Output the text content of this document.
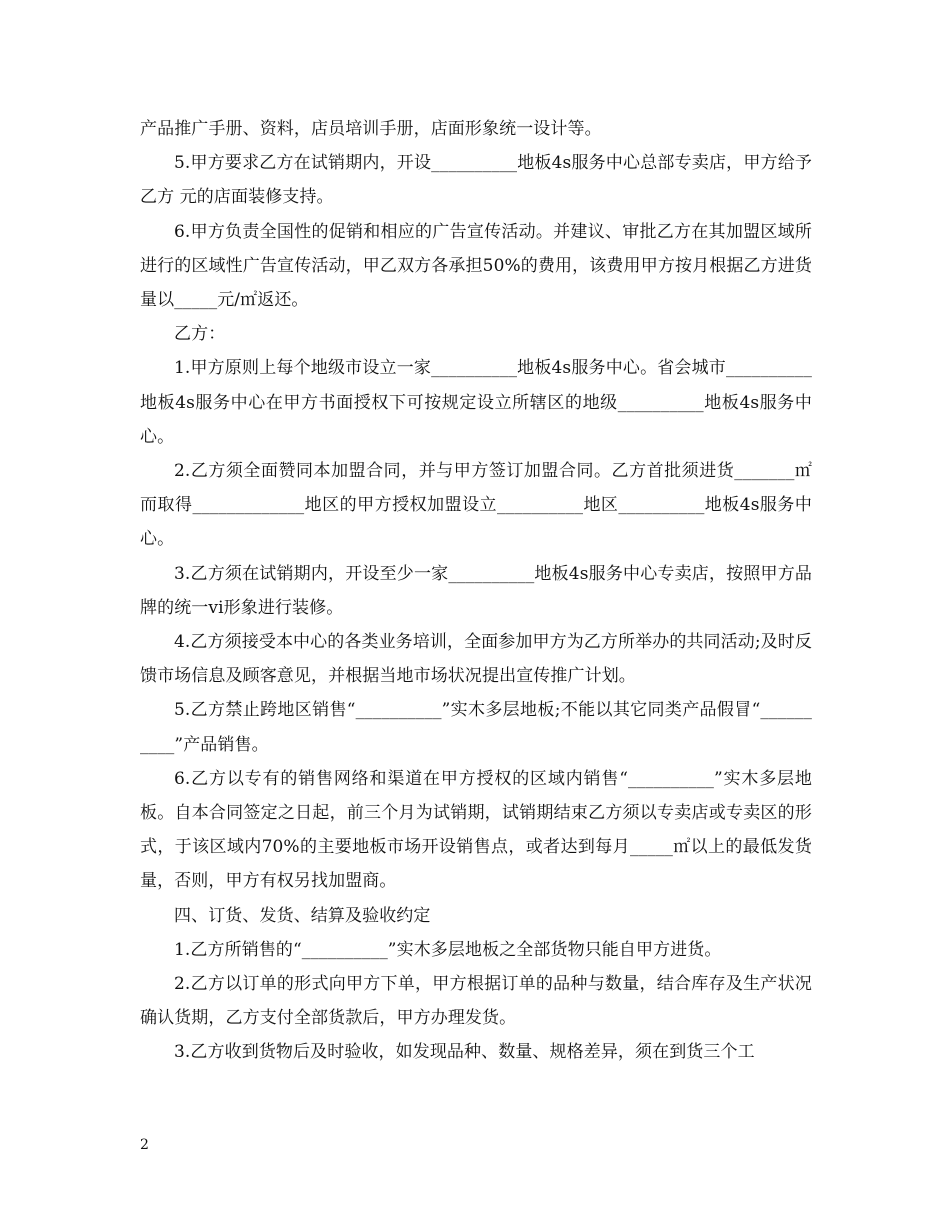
产品推广手册、资料，店员培训手册，店面形象统一设计等。

5.甲方要求乙方在试销期内，开设__________地板4s服务中心总部专卖店，甲方给予乙方 元的店面装修支持。

6.甲方负责全国性的促销和相应的广告宣传活动。并建议、审批乙方在其加盟区域所进行的区域性广告宣传活动，甲乙双方各承担50%的费用，该费用甲方按月根据乙方进货量以_____元/㎡返还。

乙方：

1.甲方原则上每个地级市设立一家__________地板4s服务中心。省会城市__________地板4s服务中心在甲方书面授权下可按规定设立所辖区的地级__________地板4s服务中心。

2.乙方须全面赞同本加盟合同，并与甲方签订加盟合同。乙方首批须进货_______㎡而取得_____________地区的甲方授权加盟设立__________地区__________地板4s服务中心。

3.乙方须在试销期内，开设至少一家__________地板4s服务中心专卖店，按照甲方品牌的统一vi形象进行装修。

4.乙方须接受本中心的各类业务培训，全面参加甲方为乙方所举办的共同活动;及时反馈市场信息及顾客意见，并根据当地市场状况提出宣传推广计划。

5.乙方禁止跨地区销售“__________”实木多层地板;不能以其它同类产品假冒“__________”产品销售。

6.乙方以专有的销售网络和渠道在甲方授权的区域内销售“__________”实木多层地板。自本合同签定之日起，前三个月为试销期，试销期结束乙方须以专卖店或专卖区的形式，于该区域内70%的主要地板市场开设销售点，或者达到每月_____㎡以上的最低发货量，否则，甲方有权另找加盟商。

四、订货、发货、结算及验收约定

1.乙方所销售的“__________”实木多层地板之全部货物只能自甲方进货。

2.乙方以订单的形式向甲方下单，甲方根据订单的品种与数量，结合库存及生产状况确认货期，乙方支付全部货款后，甲方办理发货。

3.乙方收到货物后及时验收，如发现品种、数量、规格差异，须在到货三个工

2
